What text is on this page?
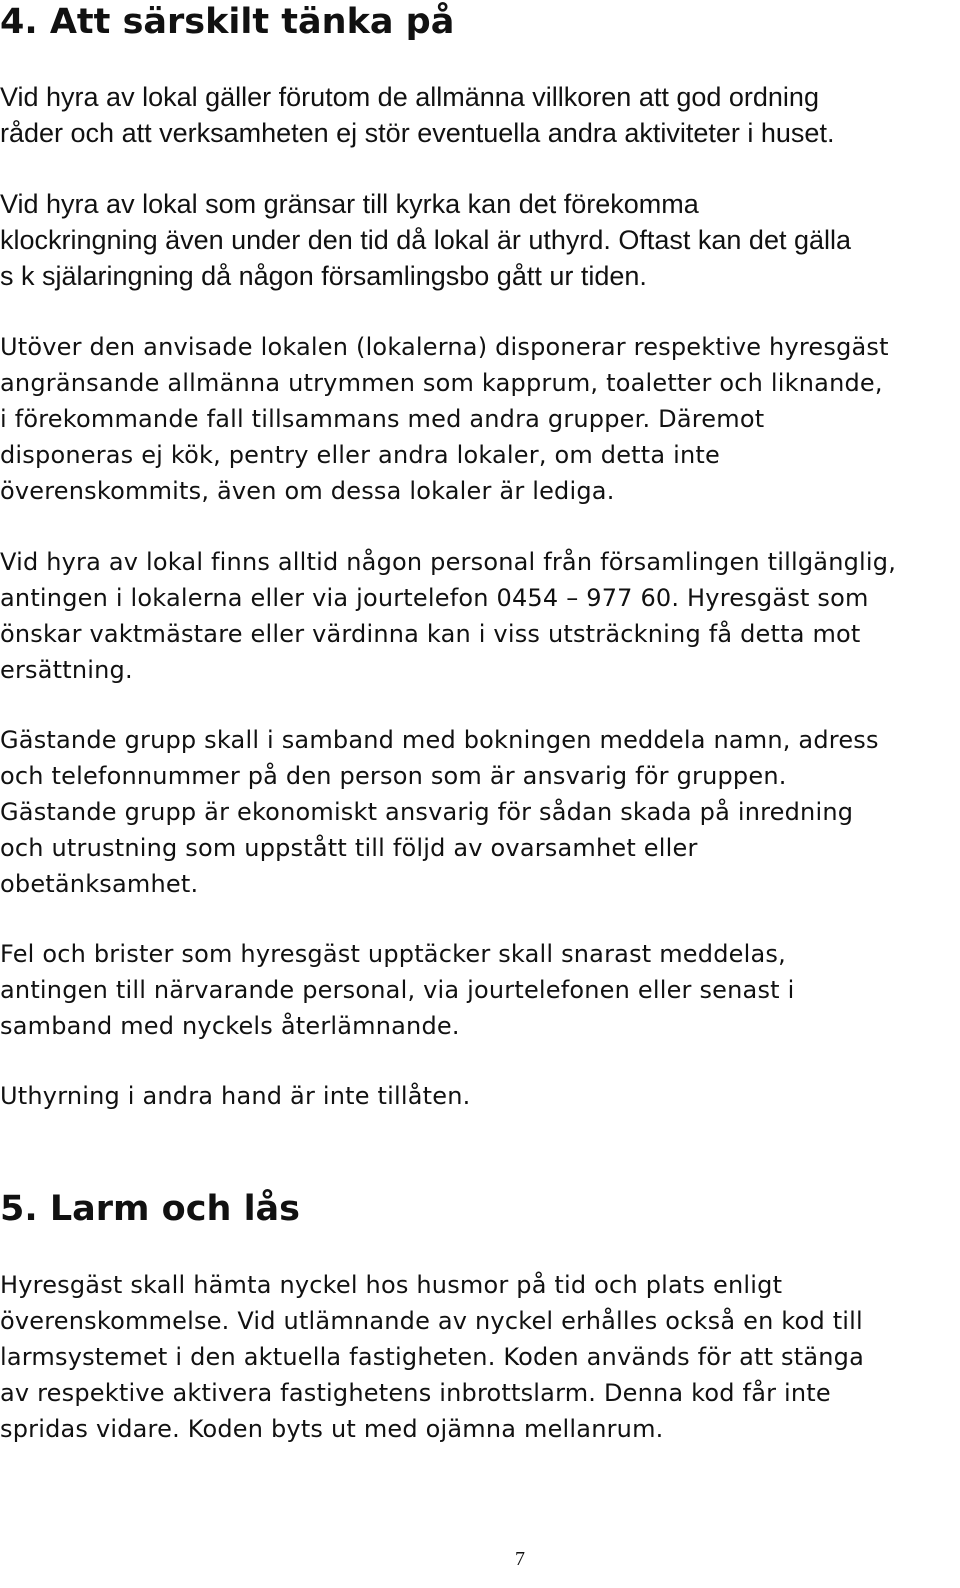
4. Att särskilt tänka på
Vid hyra av lokal gäller förutom de allmänna villkoren att god ordning
råder och att verksamheten ej stör eventuella andra aktiviteter i huset.
Vid hyra av lokal som gränsar till kyrka kan det förekomma
klockringning även under den tid då lokal är uthyrd. Oftast kan det gälla
s k själaringning då någon församlingsbo gått ur tiden.
Utöver den anvisade lokalen (lokalerna) disponerar respektive hyresgäst
angränsande allmänna utrymmen som kapprum, toaletter och liknande,
i förekommande fall tillsammans med andra grupper. Däremot
disponeras ej kök, pentry eller andra lokaler, om detta inte
överenskommits, även om dessa lokaler är lediga.
Vid hyra av lokal finns alltid någon personal från församlingen tillgänglig,
antingen i lokalerna eller via jourtelefon 0454 – 977 60. Hyresgäst som
önskar vaktmästare eller värdinna kan i viss utsträckning få detta mot
ersättning.
Gästande grupp skall i samband med bokningen meddela namn, adress
och telefonnummer på den person som är ansvarig för gruppen.
Gästande grupp är ekonomiskt ansvarig för sådan skada på inredning
och utrustning som uppstått till följd av ovarsamhet eller
obetänksamhet.
Fel och brister som hyresgäst upptäcker skall snarast meddelas,
antingen till närvarande personal, via jourtelefonen eller senast i
samband med nyckels återlämnande.
Uthyrning i andra hand är inte tillåten.
5. Larm och lås
Hyresgäst skall hämta nyckel hos husmor på tid och plats enligt
överenskommelse. Vid utlämnande av nyckel erhålles också en kod till
larmsystemet i den aktuella fastigheten. Koden används för att stänga
av respektive aktivera fastighetens inbrottslarm. Denna kod får inte
spridas vidare. Koden byts ut med ojämna mellanrum.
7
